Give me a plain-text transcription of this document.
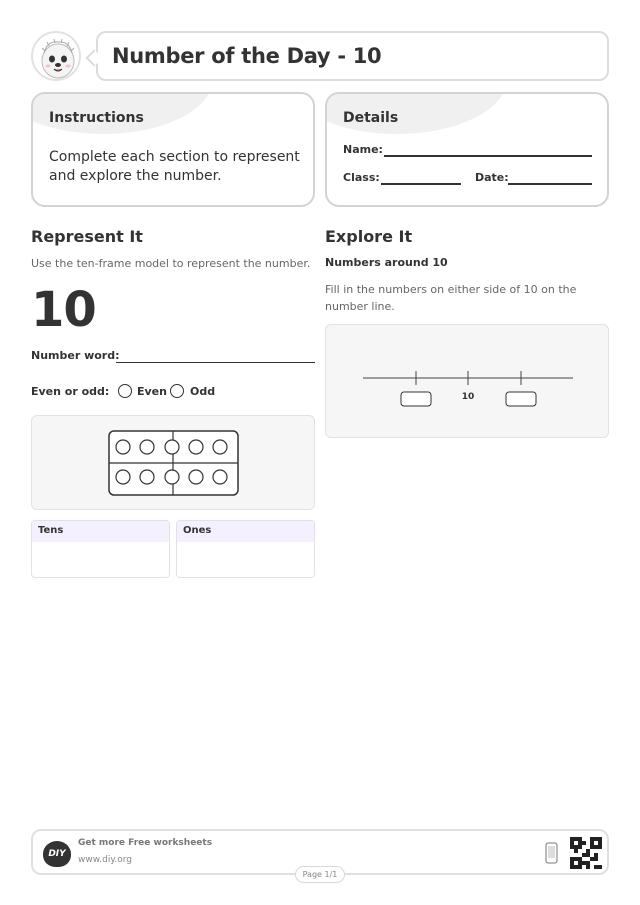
Number of the Day - 10
Instructions
Complete each section to represent and explore the number.
Details
Name:
Class:	Date:
Represent It
Use the ten-frame model to represent the number.
10
Number word:
Even or odd:	Even Odd
Tens	Ones
Explore It
Numbers around 10
Fill in the numbers on either side of 10 on the number line.
10
DIY
Get more Free worksheets
www.diy.org
Page 1/1
